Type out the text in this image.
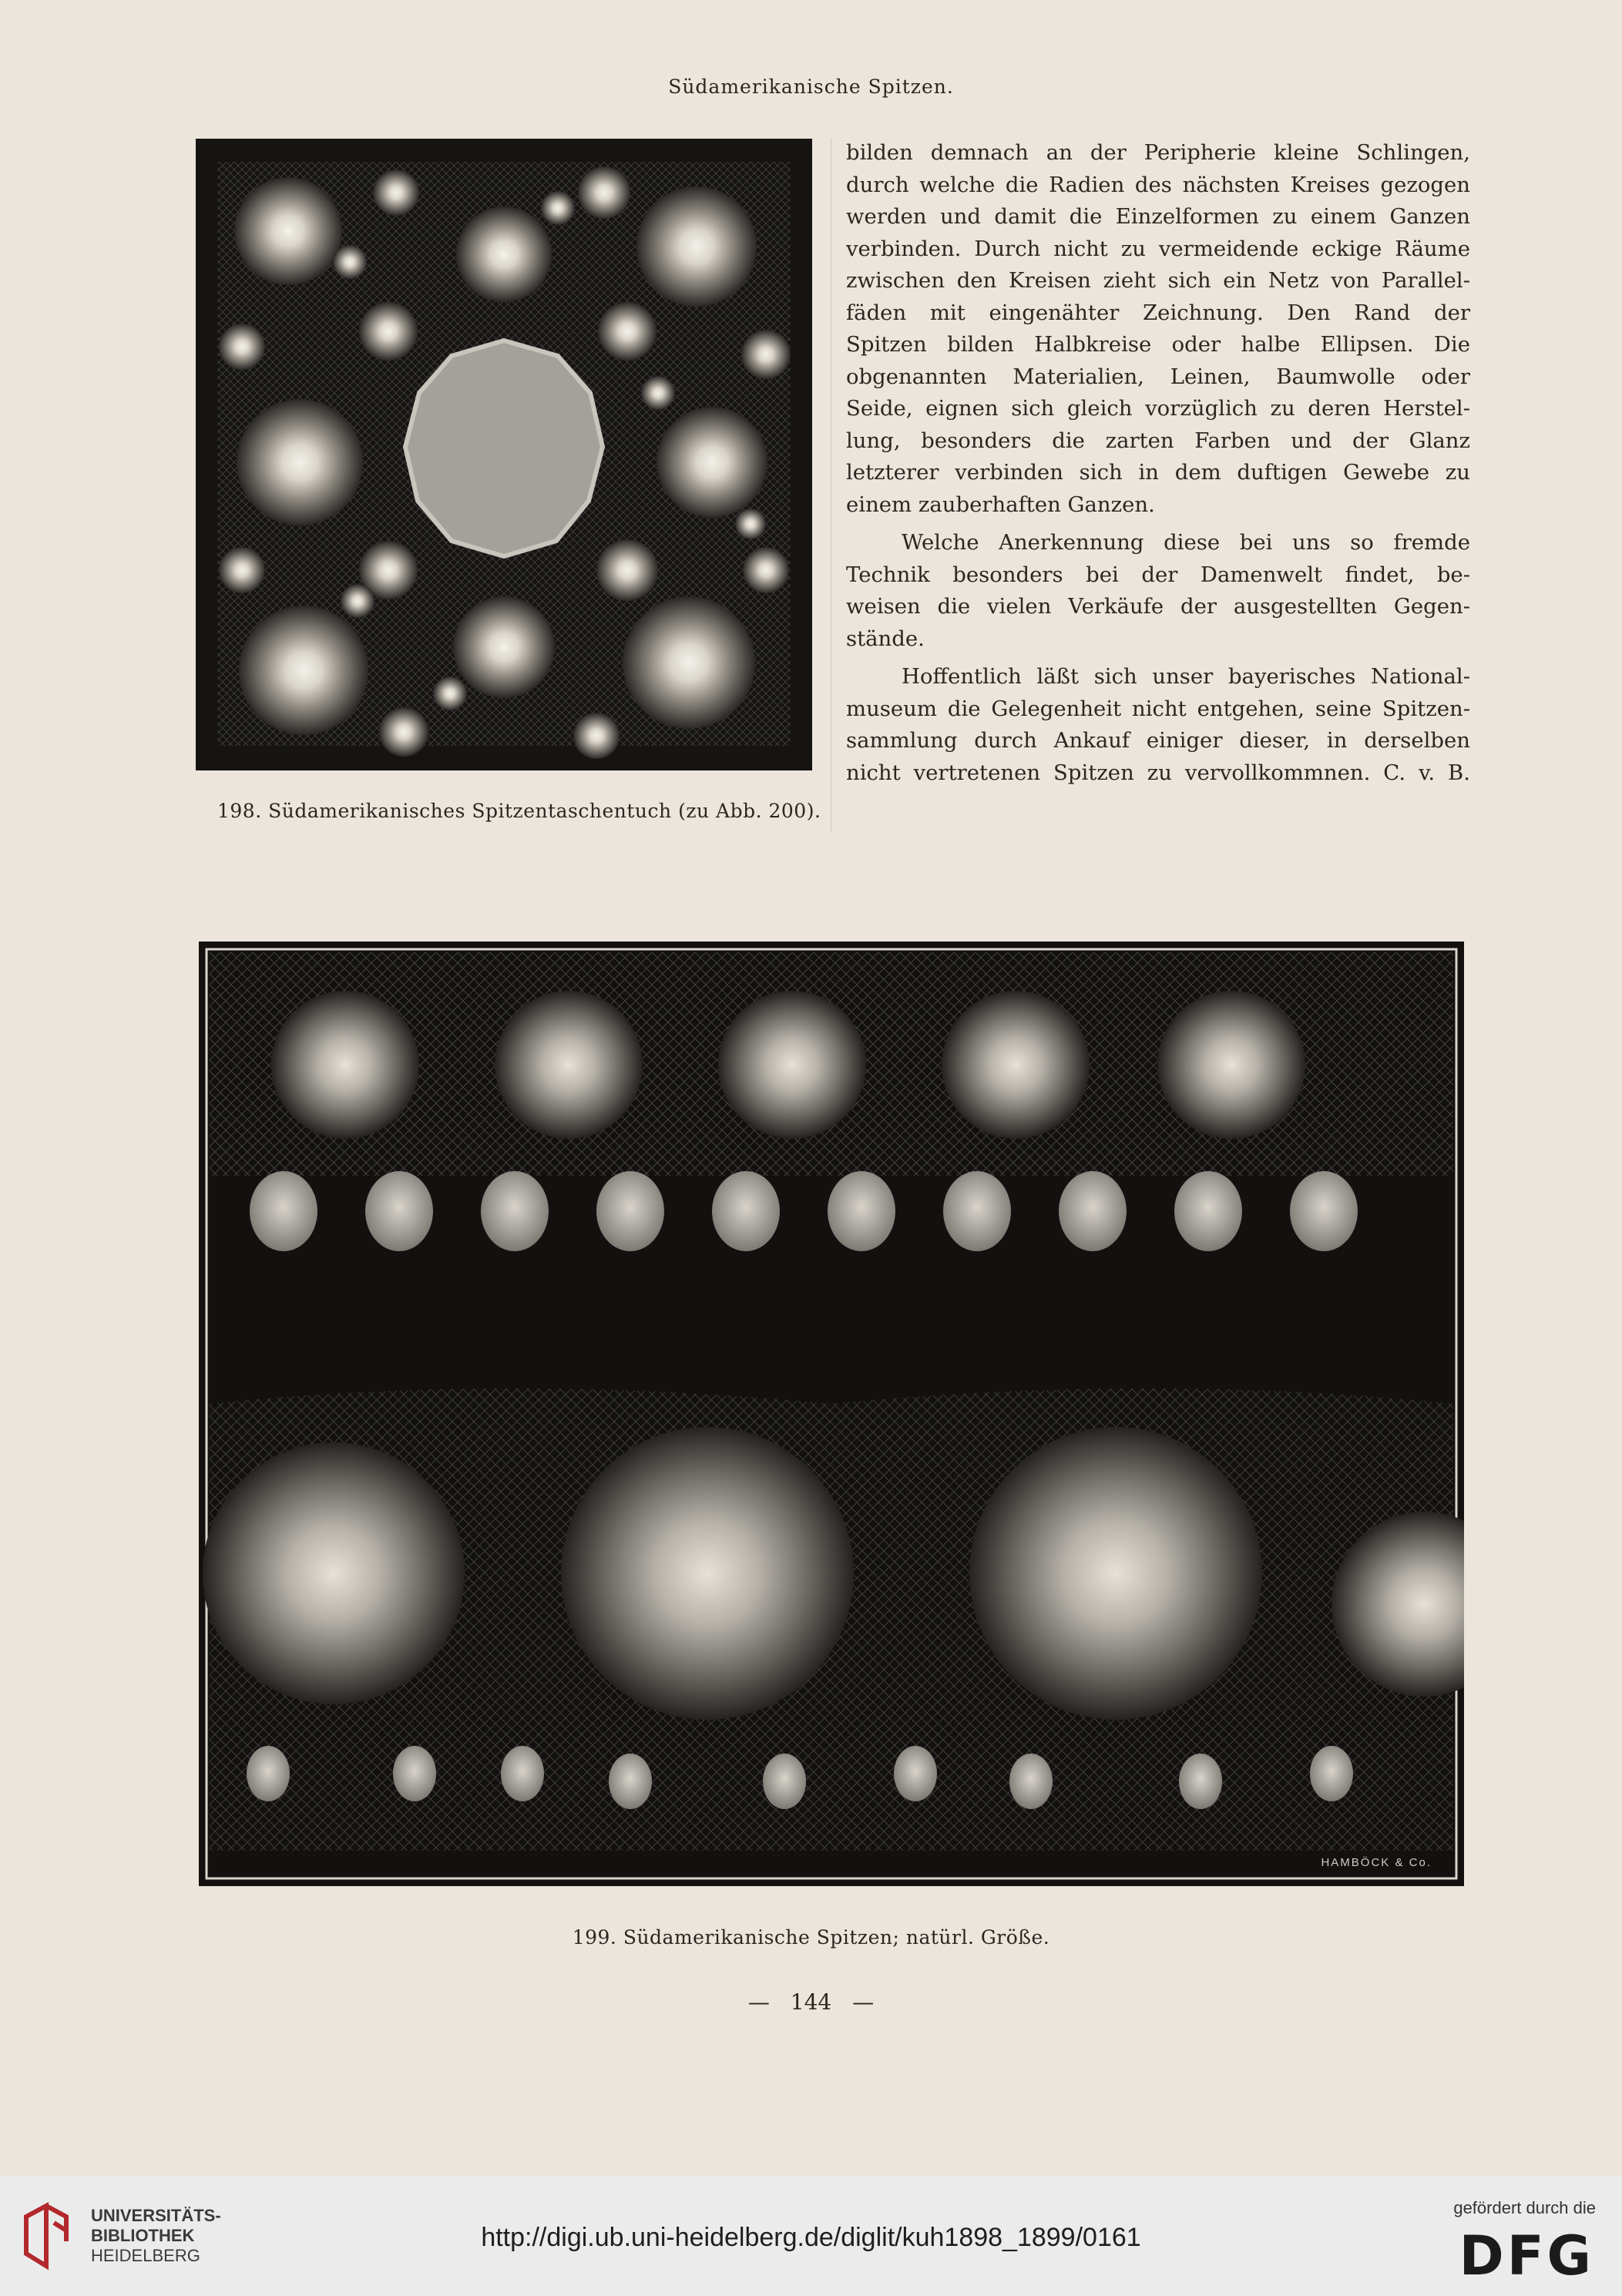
Südamerikanische Spitzen.
198. Südamerikanisches Spitzentaschentuch (zu Abb. 200).
bilden demnach an der Peripherie kleine Schlingen,
durch welche die Radien des nächsten Kreises gezogen
werden und damit die Einzelformen zu einem Ganzen
verbinden. Durch nicht zu vermeidende eckige Räume
zwischen den Kreisen zieht sich ein Netz von Parallel-
fäden mit eingenähter Zeichnung. Den Rand der
Spitzen bilden Halbkreise oder halbe Ellipsen. Die
obgenannten Materialien, Leinen, Baumwolle oder
Seide, eignen sich gleich vorzüglich zu deren Herstel-
lung, besonders die zarten Farben und der Glanz
letzterer verbinden sich in dem duftigen Gewebe zu
einem zauberhaften Ganzen.
Welche Anerkennung diese bei uns so fremde
Technik besonders bei der Damenwelt findet, be-
weisen die vielen Verkäufe der ausgestellten Gegen-
stände.
Hoffentlich läßt sich unser bayerisches National-
museum die Gelegenheit nicht entgehen, seine Spitzen-
sammlung durch Ankauf einiger dieser, in derselben
nicht vertretenen Spitzen zu vervollkommnen. C. v. B.
HAMBÖCK & Co.
199. Südamerikanische Spitzen; natürl. Größe.
— 144 —
UNIVERSITÄTS-
BIBLIOTHEK
HEIDELBERG
http://digi.ub.uni-heidelberg.de/diglit/kuh1898_1899/0161
gefördert durch die
DFG
